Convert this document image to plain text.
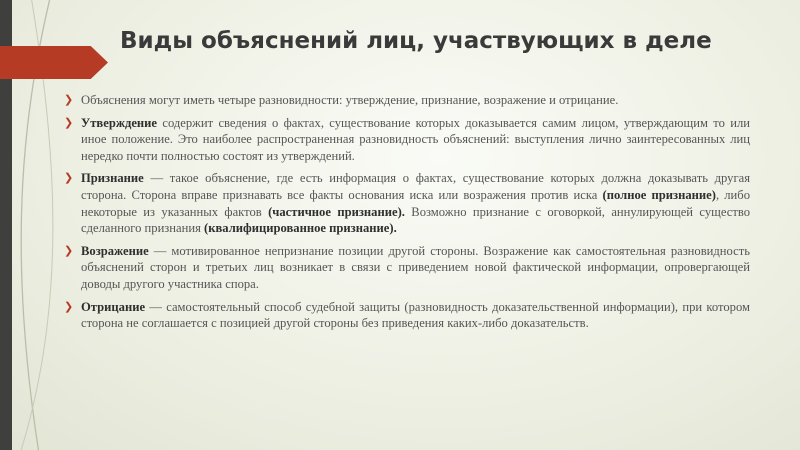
Виды объяснений лиц, участвующих в деле

❯ Объяснения могут иметь четыре разновидности: утверждение, признание, возражение и отрицание.

❯ Утверждение содержит сведения о фактах, существование которых доказывается самим лицом, утверждающим то или иное положение. Это наиболее распространенная разновидность объяснений: выступления лично заинтересованных лиц нередко почти полностью состоят из утверждений.

❯ Признание — такое объяснение, где есть информация о фактах, существование которых должна доказывать другая сторона. Сторона вправе признавать все факты основания иска или возражения против иска (полное признание), либо некоторые из указанных фактов (частичное признание). Возможно признание с оговоркой, аннулирующей существо сделанного признания (квалифицированное признание).

❯ Возражение — мотивированное непризнание позиции другой стороны. Возражение как самостоятельная разновидность объяснений сторон и третьих лиц возникает в связи с приведением новой фактической информации, опровергающей доводы другого участника спора.

❯ Отрицание — самостоятельный способ судебной защиты (разновидность доказательственной информации), при котором сторона не соглашается с позицией другой стороны без приведения каких-либо доказательств.
